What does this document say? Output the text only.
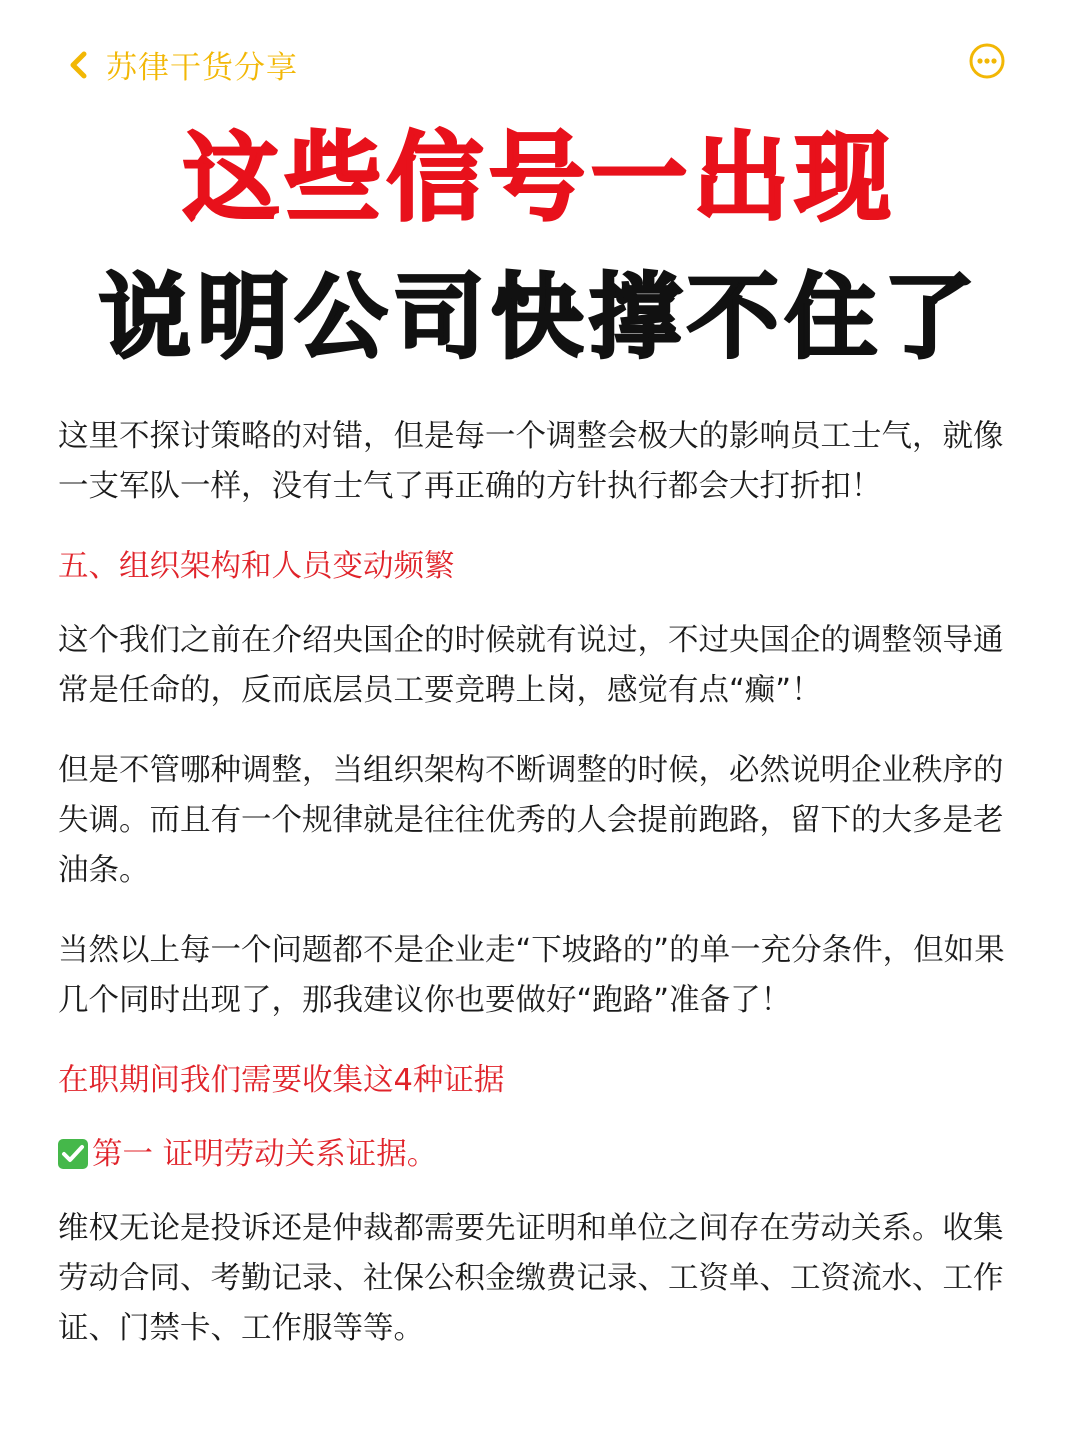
苏律干货分享
这些信号一出现
说明公司快撑不住了

这里不探讨策略的对错，但是每一个调整会极大的影响员工士气，就像一支军队一样，没有士气了再正确的方针执行都会大打折扣！

五、组织架构和人员变动频繁

这个我们之前在介绍央国企的时候就有说过，不过央国企的调整领导通常是任命的，反而底层员工要竞聘上岗，感觉有点“癫”！

但是不管哪种调整，当组织架构不断调整的时候，必然说明企业秩序的失调。而且有一个规律就是往往优秀的人会提前跑路，留下的大多是老油条。

当然以上每一个问题都不是企业走“下坡路的”的单一充分条件，但如果几个同时出现了，那我建议你也要做好“跑路”准备了！

在职期间我们需要收集这4种证据

第一 证明劳动关系证据。

维权无论是投诉还是仲裁都需要先证明和单位之间存在劳动关系。收集劳动合同、考勤记录、社保公积金缴费记录、工资单、工资流水、工作证、门禁卡、工作服等等。
